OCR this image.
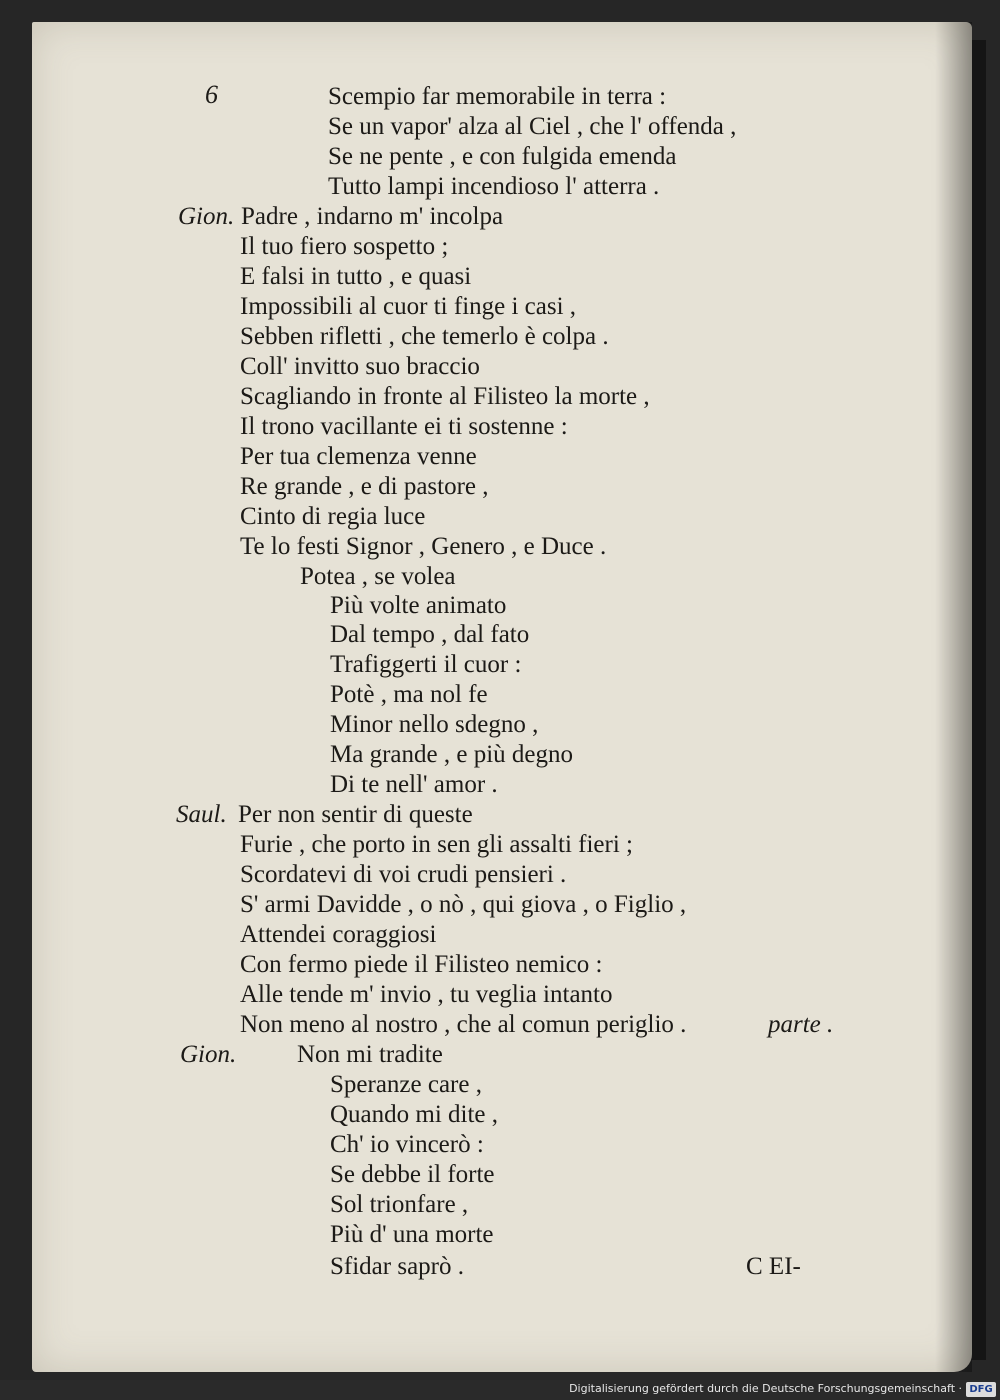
6	Scempio far memorabile in terra :
Se un vapor' alza al Ciel , che l' offenda ,
Se ne pente , e con fulgida emenda
Tutto lampi incendioso l' atterra .
Gion. Padre , indarno m' incolpa
Il tuo fiero sospetto ;
E falsi in tutto , e quasi
Impossibili al cuor ti finge i casi ,
Sebben rifletti , che temerlo è colpa .
Coll' invitto suo braccio
Scagliando in fronte al Filisteo la morte ,
Il trono vacillante ei ti sostenne :
Per tua clemenza venne
Re grande , e di pastore ,
Cinto di regia luce
Te lo festi Signor , Genero , e Duce .
Potea , se volea
Più volte animato
Dal tempo , dal fato
Trafiggerti il cuor :
Potè , ma nol fe
Minor nello sdegno ,
Ma grande , e più degno
Di te nell' amor .
Saul. Per non sentir di queste
Furie , che porto in sen gli assalti fieri ;
Scordatevi di voi crudi pensieri .
S' armi Davidde , o nò , qui giova , o Figlio ,
Attendei coraggiosi
Con fermo piede il Filisteo nemico :
Alle tende m' invio , tu veglia intanto
Non meno al nostro , che al comun periglio .	parte .
Gion. Non mi tradite
Speranze care ,
Quando mi dite ,
Ch' io vincerò :
Se debbe il forte
Sol trionfare ,
Più d' una morte
Sfidar saprò .	C EI-
Digitalisierung gefördert durch die Deutsche Forschungsgemeinschaft · DFG
